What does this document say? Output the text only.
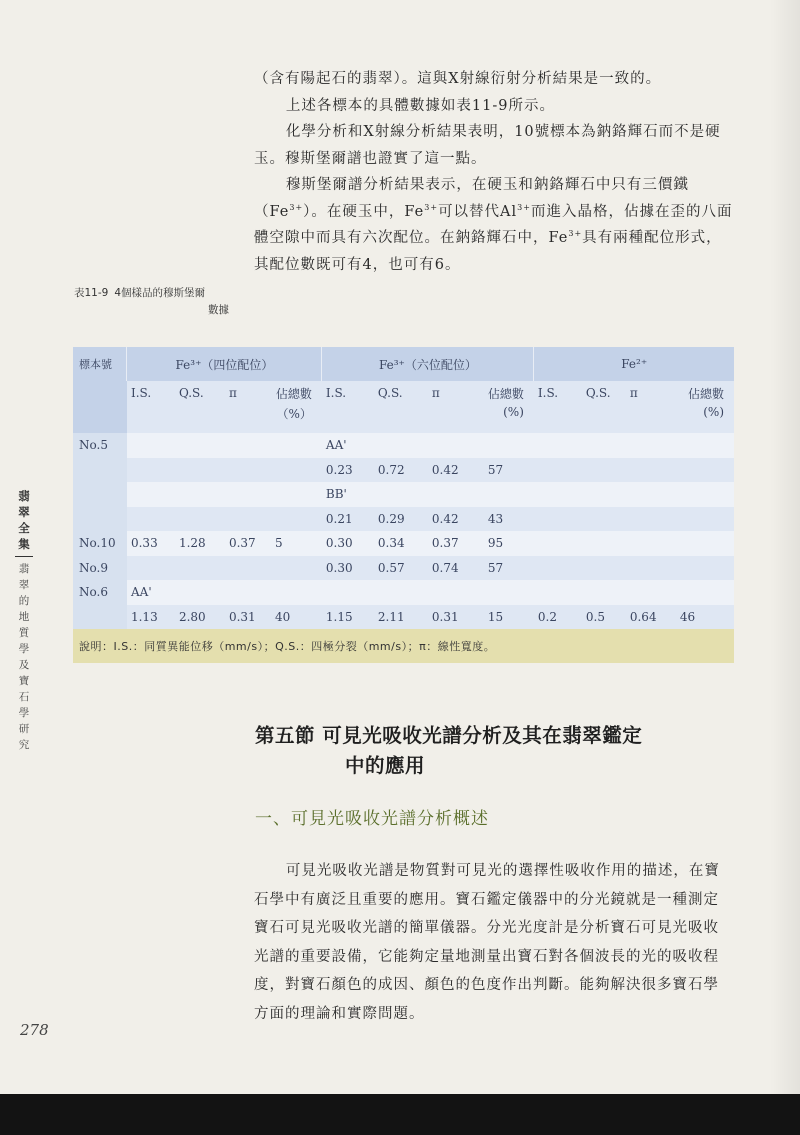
（含有陽起石的翡翠）。這與X射線衍射分析結果是一致的。

上述各標本的具體數據如表11-9所示。

化學分析和X射線分析結果表明，10號標本為鈉鉻輝石而不是硬玉。穆斯堡爾譜也證實了這一點。

穆斯堡爾譜分析結果表示，在硬玉和鈉鉻輝石中只有三價鐵$(Fe^{3+})$。在硬玉中，$Fe^{3+}$可以替代$Al^{3+}$而進入晶格，佔據在歪的八面體空隙中而具有六次配位。在鈉鉻輝石中，$Fe^{3+}$具有兩種配位形式，其配位數既可有4，也可有6。

表11-9 4個樣品的穆斯堡爾
數據
標本號	Fe³⁺（四位配位）				Fe³⁺（六位配位）				Fe²⁺			
	I.S.	Q.S.	π	佔總數	I.S.	Q.S.	π	佔總數	I.S.	Q.S.	π	佔總數
				（%）				(%)				(%)
No.5					AA'							
					0.23	0.72	0.42	57				
					BB'							
					0.21	0.29	0.42	43				
No.10	0.33	1.28	0.37	5	0.30	0.34	0.37	95				
No.9					0.30	0.57	0.74	57				
No.6	AA'											
	1.13	2.80	0.31	40	1.15	2.11	0.31	15	0.2	0.5	0.64	46
說明：I.S.：同質異能位移（mm/s）；Q.S.：四極分裂（mm/s）；π：線性寬度。												
第五節 可見光吸收光譜分析及其在翡翠鑑定
中的應用
一、可見光吸收光譜分析概述

可見光吸收光譜是物質對可見光的選擇性吸收作用的描述，在寶石學中有廣泛且重要的應用。寶石鑑定儀器中的分光鏡就是一種測定寶石可見光吸收光譜的簡單儀器。分光光度計是分析寶石可見光吸收光譜的重要設備，它能夠定量地測量出寶石對各個波長的光的吸收程度，對寶石顏色的成因、顏色的色度作出判斷。能夠解決很多寶石學方面的理論和實際問題。

翡
翠
全
集
翡
翠
的
地
質
學
及
寶
石
學
研
究
278
